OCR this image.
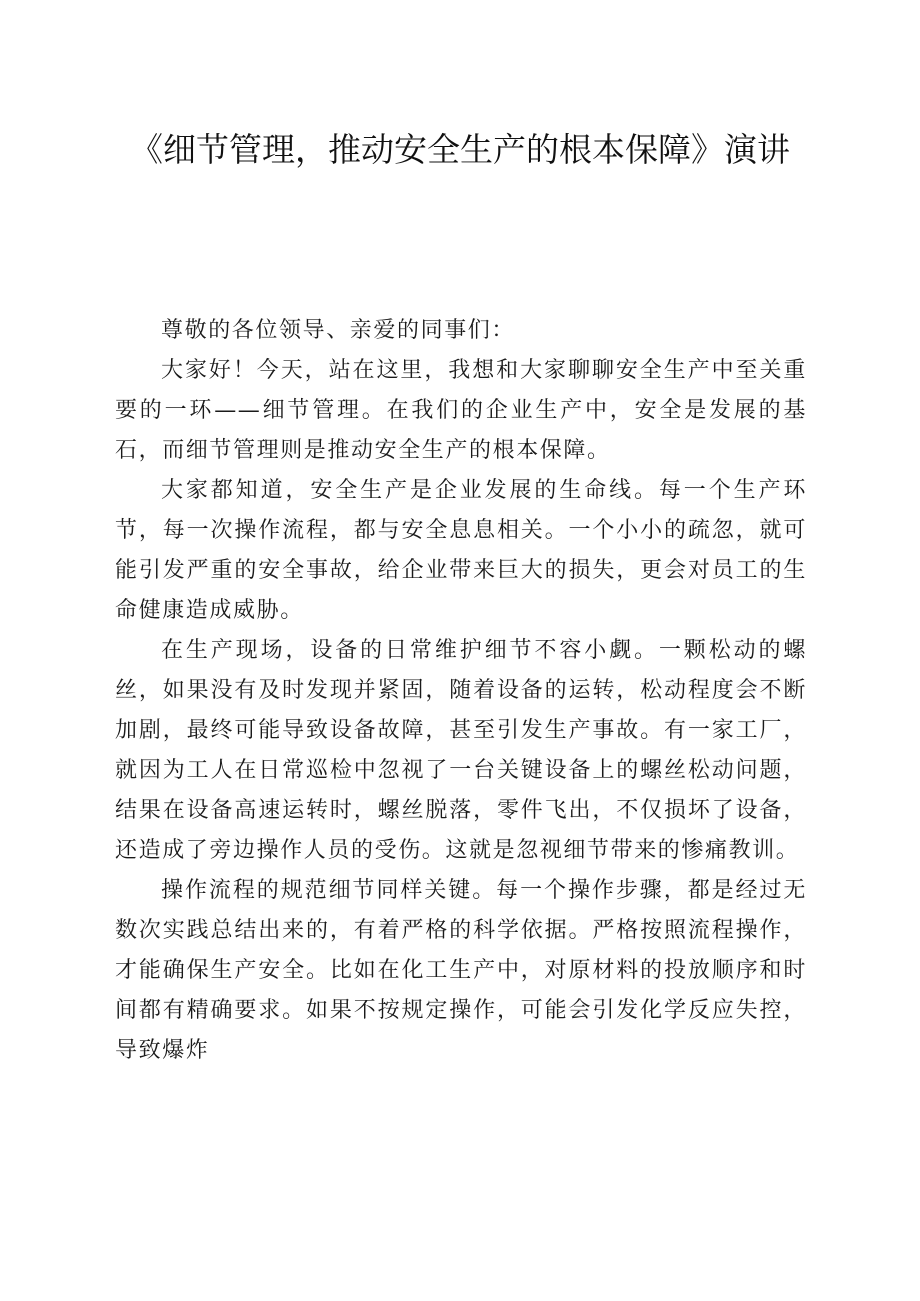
《细节管理，推动安全生产的根本保障》演讲

尊敬的各位领导、亲爱的同事们：

大家好！今天，站在这里，我想和大家聊聊安全生产中至关重要的一环——细节管理。在我们的企业生产中，安全是发展的基石，而细节管理则是推动安全生产的根本保障。

大家都知道，安全生产是企业发展的生命线。每一个生产环节，每一次操作流程，都与安全息息相关。一个小小的疏忽，就可能引发严重的安全事故，给企业带来巨大的损失，更会对员工的生命健康造成威胁。

在生产现场，设备的日常维护细节不容小觑。一颗松动的螺丝，如果没有及时发现并紧固，随着设备的运转，松动程度会不断加剧，最终可能导致设备故障，甚至引发生产事故。有一家工厂，就因为工人在日常巡检中忽视了一台关键设备上的螺丝松动问题，结果在设备高速运转时，螺丝脱落，零件飞出，不仅损坏了设备，还造成了旁边操作人员的受伤。这就是忽视细节带来的惨痛教训。

操作流程的规范细节同样关键。每一个操作步骤，都是经过无数次实践总结出来的，有着严格的科学依据。严格按照流程操作，才能确保生产安全。比如在化工生产中，对原材料的投放顺序和时间都有精确要求。如果不按规定操作，可能会引发化学反应失控，导致爆炸
